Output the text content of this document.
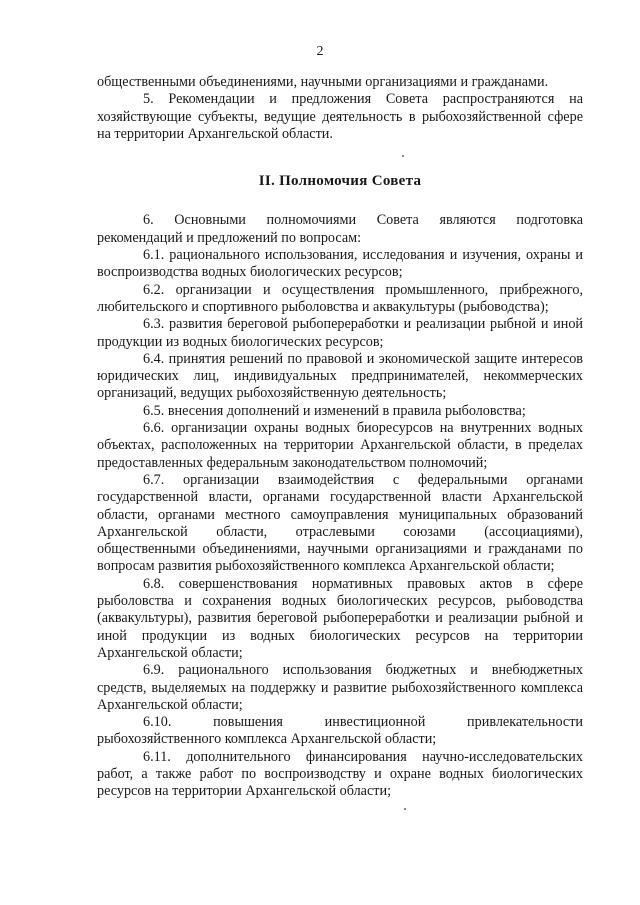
2

общественными объединениями, научными организациями и гражданами.

5. Рекомендации и предложения Совета распространяются на хозяйствующие субъекты, ведущие деятельность в рыбохозяйственной сфере на территории Архангельской области.

II. Полномочия Совета

6. Основными полномочиями Совета являются подготовка рекомендаций и предложений по вопросам:

6.1. рационального использования, исследования и изучения, охраны и воспроизводства водных биологических ресурсов;

6.2. организации и осуществления промышленного, прибрежного, любительского и спортивного рыболовства и аквакультуры (рыбоводства);

6.3. развития береговой рыбопереработки и реализации рыбной и иной продукции из водных биологических ресурсов;

6.4. принятия решений по правовой и экономической защите интересов юридических лиц, индивидуальных предпринимателей, некоммерческих организаций, ведущих рыбохозяйственную деятельность;

6.5. внесения дополнений и изменений в правила рыболовства;

6.6. организации охраны водных биоресурсов на внутренних водных объектах, расположенных на территории Архангельской области, в пределах предоставленных федеральным законодательством полномочий;

6.7. организации взаимодействия с федеральными органами государственной власти, органами государственной власти Архангельской области, органами местного самоуправления муниципальных образований Архангельской области, отраслевыми союзами (ассоциациями), общественными объединениями, научными организациями и гражданами по вопросам развития рыбохозяйственного комплекса Архангельской области;

6.8. совершенствования нормативных правовых актов в сфере рыболовства и сохранения водных биологических ресурсов, рыбоводства (аквакультуры), развития береговой рыбопереработки и реализации рыбной и иной продукции из водных биологических ресурсов на территории Архангельской области;

6.9. рационального использования бюджетных и внебюджетных средств, выделяемых на поддержку и развитие рыбохозяйственного комплекса Архангельской области;

6.10. повышения инвестиционной привлекательности рыбохозяйственного комплекса Архангельской области;

6.11. дополнительного финансирования научно-исследовательских работ, а также работ по воспроизводству и охране водных биологических ресурсов на территории Архангельской области;
